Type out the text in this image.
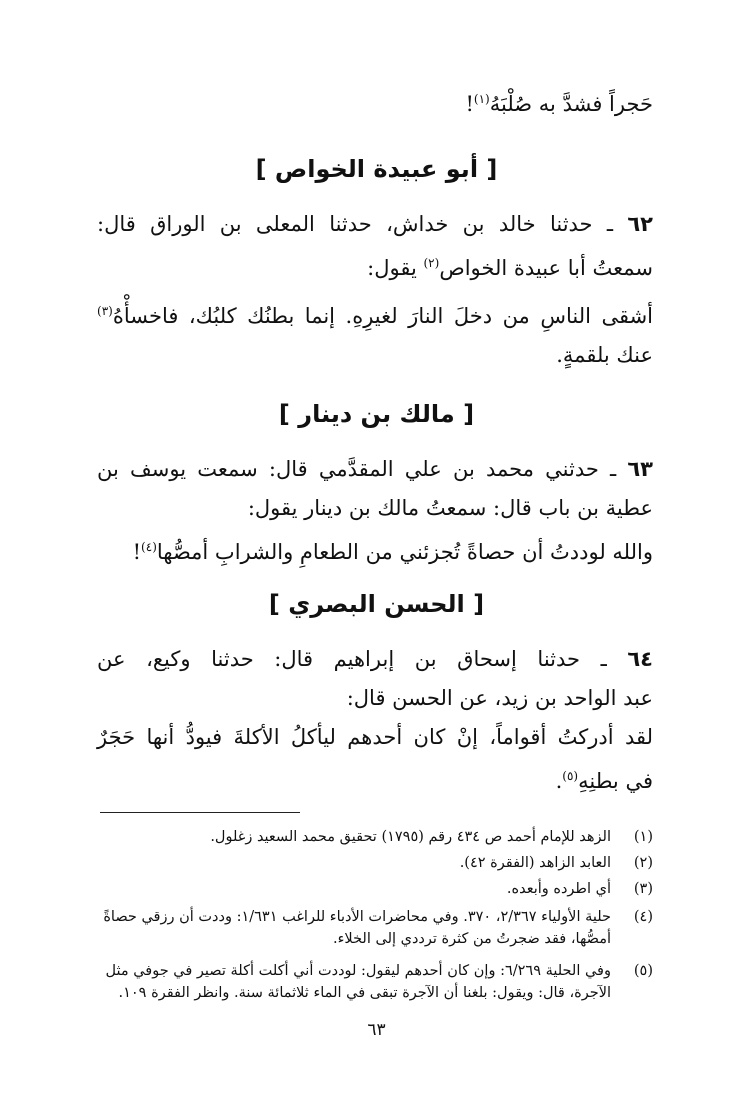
حَجراً فشدَّ به صُلْبَهُ$^{(١)}$!
[ أبو عبيدة الخواص ]
٦٢ ـ حدثنا خالد بن خداش، حدثنا المعلى بن الوراق قال:
سمعتُ أبا عبيدة الخواص$^{(٢)}$ يقول:
أشقى الناسِ من دخلَ النارَ لغيرِهِ. إنما بطنُك كلبُك، فاخسأْهُ$^{(٣)}$
عنك بلقمةٍ.
[ مالك بن دينار ]
٦٣ ـ حدثني محمد بن علي المقدَّمي قال: سمعت يوسف بن
عطية بن باب قال: سمعتُ مالك بن دينار يقول:
والله لوددتُ أن حصاةً تُجزئني من الطعامِ والشرابِ أمصُّها$^{(٤)}$!
[ الحسن البصري ]
٦٤ ـ حدثنا إسحاق بن إبراهيم قال: حدثنا وكيع، عن
عبد الواحد بن زيد، عن الحسن قال:
لقد أدركتُ أقواماً، إنْ كان أحدهم ليأكلُ الأكلةَ فيودُّ أنها حَجَرٌ
في بطنِهِ$^{(٥)}$.
(١)
الزهد للإمام أحمد ص ٤٣٤ رقم (١٧٩٥) تحقيق محمد السعيد زغلول.
(٢)
العابد الزاهد (الفقرة ٤٢).
(٣)
أي اطرده وأبعده.
(٤)
حلية الأولياء ٢/٣٦٧، ٣٧٠. وفي محاضرات الأدباء للراغب ١/٦٣١: وددت أن رزقي حصاةً أمصُّها، فقد ضجرتُ من كثرة ترددي إلى الخلاء.
(٥)
وفي الحلية ٦/٢٦٩: وإن كان أحدهم ليقول: لوددت أني أكلت أكلة تصير في جوفي مثل الآجرة، قال: ويقول: بلغنا أن الآجرة تبقى في الماء ثلاثمائة سنة. وانظر الفقرة ١٠٩.
٦٣
